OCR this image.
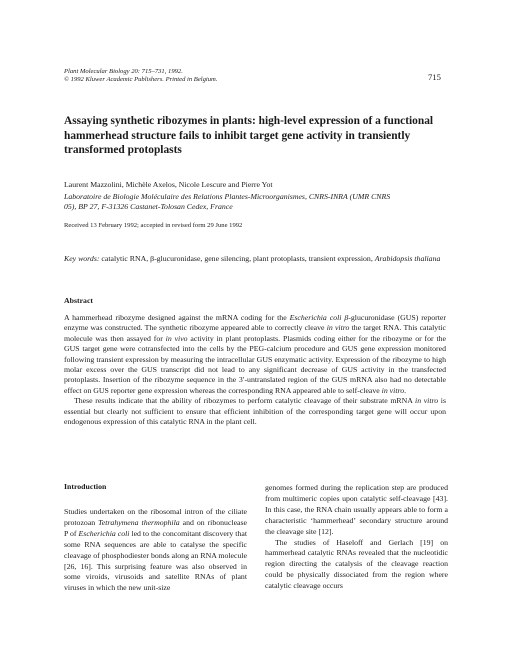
Plant Molecular Biology 20: 715–731, 1992.
© 1992 Kluwer Academic Publishers. Printed in Belgium.	715
Assaying synthetic ribozymes in plants: high-level expression of a functional hammerhead structure fails to inhibit target gene activity in transiently transformed protoplasts
Laurent Mazzolini, Michèle Axelos, Nicole Lescure and Pierre Yot
Laboratoire de Biologie Moléculaire des Relations Plantes-Microorganismes, CNRS-INRA (UMR CNRS 05), BP 27, F-31326 Castanet-Tolosan Cedex, France
Received 13 February 1992; accepted in revised form 29 June 1992
Key words: catalytic RNA, β-glucuronidase, gene silencing, plant protoplasts, transient expression, Arabidopsis thaliana
Abstract

A hammerhead ribozyme designed against the mRNA coding for the Escherichia coli β-glucuronidase (GUS) reporter enzyme was constructed. The synthetic ribozyme appeared able to correctly cleave in vitro the target RNA. This catalytic molecule was then assayed for in vivo activity in plant protoplasts. Plasmids coding either for the ribozyme or for the GUS target gene were cotransfected into the cells by the PEG-calcium procedure and GUS gene expression monitored following transient expression by measuring the intracellular GUS enzymatic activity. Expression of the ribozyme to high molar excess over the GUS transcript did not lead to any significant decrease of GUS activity in the transfected protoplasts. Insertion of the ribozyme sequence in the 3′-untranslated region of the GUS mRNA also had no detectable effect on GUS reporter gene expression whereas the corresponding RNA appeared able to self-cleave in vitro.

These results indicate that the ability of ribozymes to perform catalytic cleavage of their substrate mRNA in vitro is essential but clearly not sufficient to ensure that efficient inhibition of the corresponding target gene will occur upon endogenous expression of this catalytic RNA in the plant cell.

Introduction

Studies undertaken on the ribosomal intron of the ciliate protozoan Tetrahymena thermophila and on ribonuclease P of Escherichia coli led to the concomitant discovery that some RNA sequences are able to catalyse the specific cleavage of phosphodiester bonds along an RNA molecule [26, 16]. This surprising feature was also observed in some viroids, virusoids and satellite RNAs of plant viruses in which the new unit-size

genomes formed during the replication step are produced from multimeric copies upon catalytic self-cleavage [43]. In this case, the RNA chain usually appears able to form a characteristic ‘hammerhead’ secondary structure around the cleavage site [12].

The studies of Haseloff and Gerlach [19] on hammerhead catalytic RNAs revealed that the nucleotidic region directing the catalysis of the cleavage reaction could be physically dissociated from the region where catalytic cleavage occurs
